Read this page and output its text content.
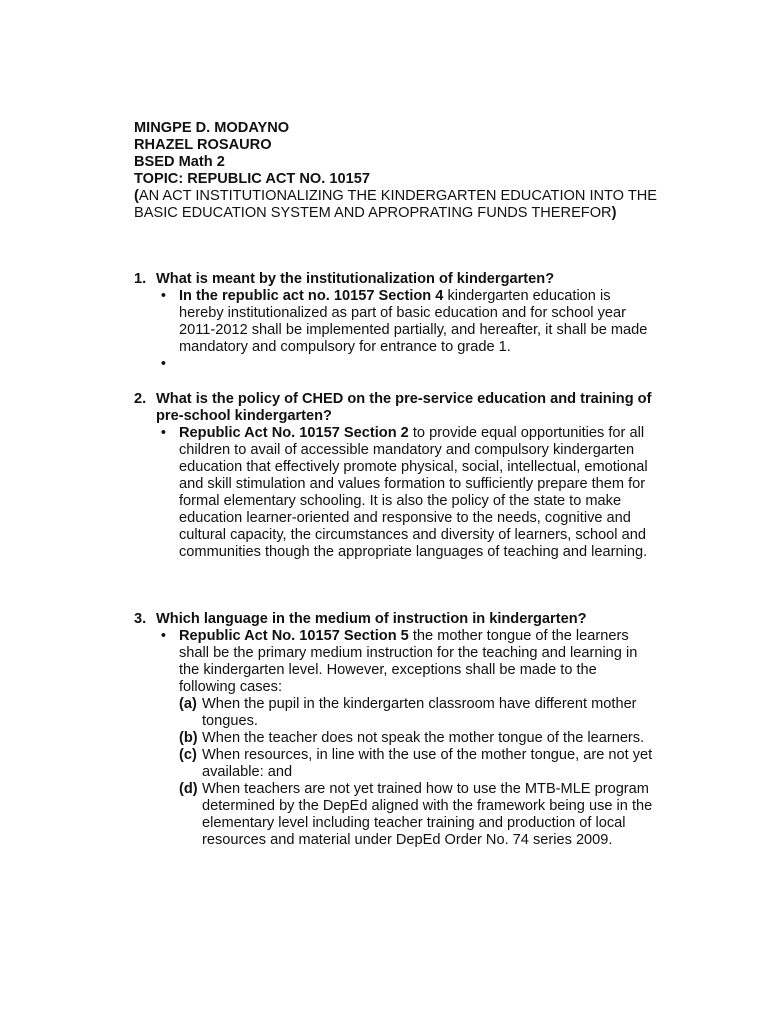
MINGPE D. MODAYNO

RHAZEL ROSAURO

BSED Math 2

TOPIC: REPUBLIC ACT NO. 10157

(AN ACT INSTITUTIONALIZING THE KINDERGARTEN EDUCATION INTO THE BASIC EDUCATION SYSTEM AND APROPRATING FUNDS THEREFOR)

1. What is meant by the institutionalization of kindergarten?
• In the republic act no. 10157 Section 4 kindergarten education is hereby institutionalized as part of basic education and for school year 2011-2012 shall be implemented partially, and hereafter, it shall be made mandatory and compulsory for entrance to grade 1.
•

2. What is the policy of CHED on the pre-service education and training of pre-school kindergarten?
• Republic Act No. 10157 Section 2 to provide equal opportunities for all children to avail of accessible mandatory and compulsory kindergarten education that effectively promote physical, social, intellectual, emotional and skill stimulation and values formation to sufficiently prepare them for formal elementary schooling. It is also the policy of the state to make education learner-oriented and responsive to the needs, cognitive and cultural capacity, the circumstances and diversity of learners, school and communities though the appropriate languages of teaching and learning.
3. Which language in the medium of instruction in kindergarten?
• Republic Act No. 10157 Section 5 the mother tongue of the learners shall be the primary medium instruction for the teaching and learning in the kindergarten level. However, exceptions shall be made to the following cases:
(a) When the pupil in the kindergarten classroom have different mother tongues.
(b) When the teacher does not speak the mother tongue of the learners.
(c) When resources, in line with the use of the mother tongue, are not yet available: and
(d) When teachers are not yet trained how to use the MTB-MLE program determined by the DepEd aligned with the framework being use in the elementary level including teacher training and production of local resources and material under DepEd Order No. 74 series 2009.
